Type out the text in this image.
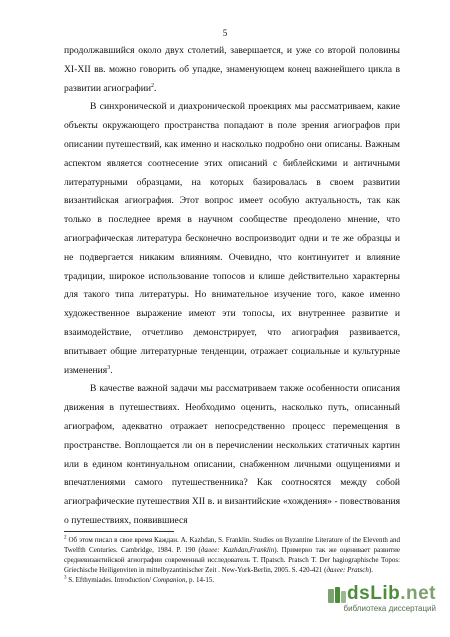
5

продолжавшийся около двух столетий, завершается, и уже со второй половины XI-XII вв. можно говорить об упадке, знаменующем конец важнейшего цикла в развитии агиографии$^2$.

В синхронической и диахронической проекциях мы рассматриваем, какие объекты окружающего пространства попадают в поле зрения агиографов при описании путешествий, как именно и насколько подробно они описаны. Важным аспектом является соотнесение этих описаний с библейскими и античными литературными образцами, на которых базировалась в своем развитии византийская агиография. Этот вопрос имеет особую актуальность, так как только в последнее время в научном сообществе преодолено мнение, что агиографическая литература бесконечно воспроизводит одни и те же образцы и не подвергается никаким влияниям. Очевидно, что континуитет и влияние традиции, широкое использование топосов и клише действительно характерны для такого типа литературы. Но внимательное изучение того, какое именно художественное выражение имеют эти топосы, их внутреннее развитие и взаимодействие, отчетливо демонстрирует, что агиография развивается, впитывает общие литературные тенденции, отражает социальные и культурные изменения$^3$.

В качестве важной задачи мы рассматриваем также особенности описания движения в путешествиях. Необходимо оценить, насколько путь, описанный агиографом, адекватно отражает непосредственно процесс перемещения в пространстве. Воплощается ли он в перечислении нескольких статичных картин или в едином континуальном описании, снабженном личными ощущениями и впечатлениями самого путешественника? Как соотносятся между собой агиографические путешествия XII в. и византийские «хождения» - повествования о путешествиях, появившиеся

$^2$ Об этом писал в свое время Каждан. A. Kazhdan, S. Franklin. Studies on Byzantine Literature of the Eleventh and Twelfth Centuries. Cambridge, 1984. P. 190 (далее: Kazhdan,Franklin). Примерно так же оценивает развитие средневизантийской агиографии современный исследователь T. Праtsch. Pratsch T. Der hagiographische Topos: Griechische Heiligenviten in mittelbyzantinischer Zeit . New-York-Berlin, 2005. S. 420-421 (далее: Pratsch).

$^3$ S. Efthymiades. Introduction/ Companion, p. 14-15.

dsLib.net
библиотека диссертаций
